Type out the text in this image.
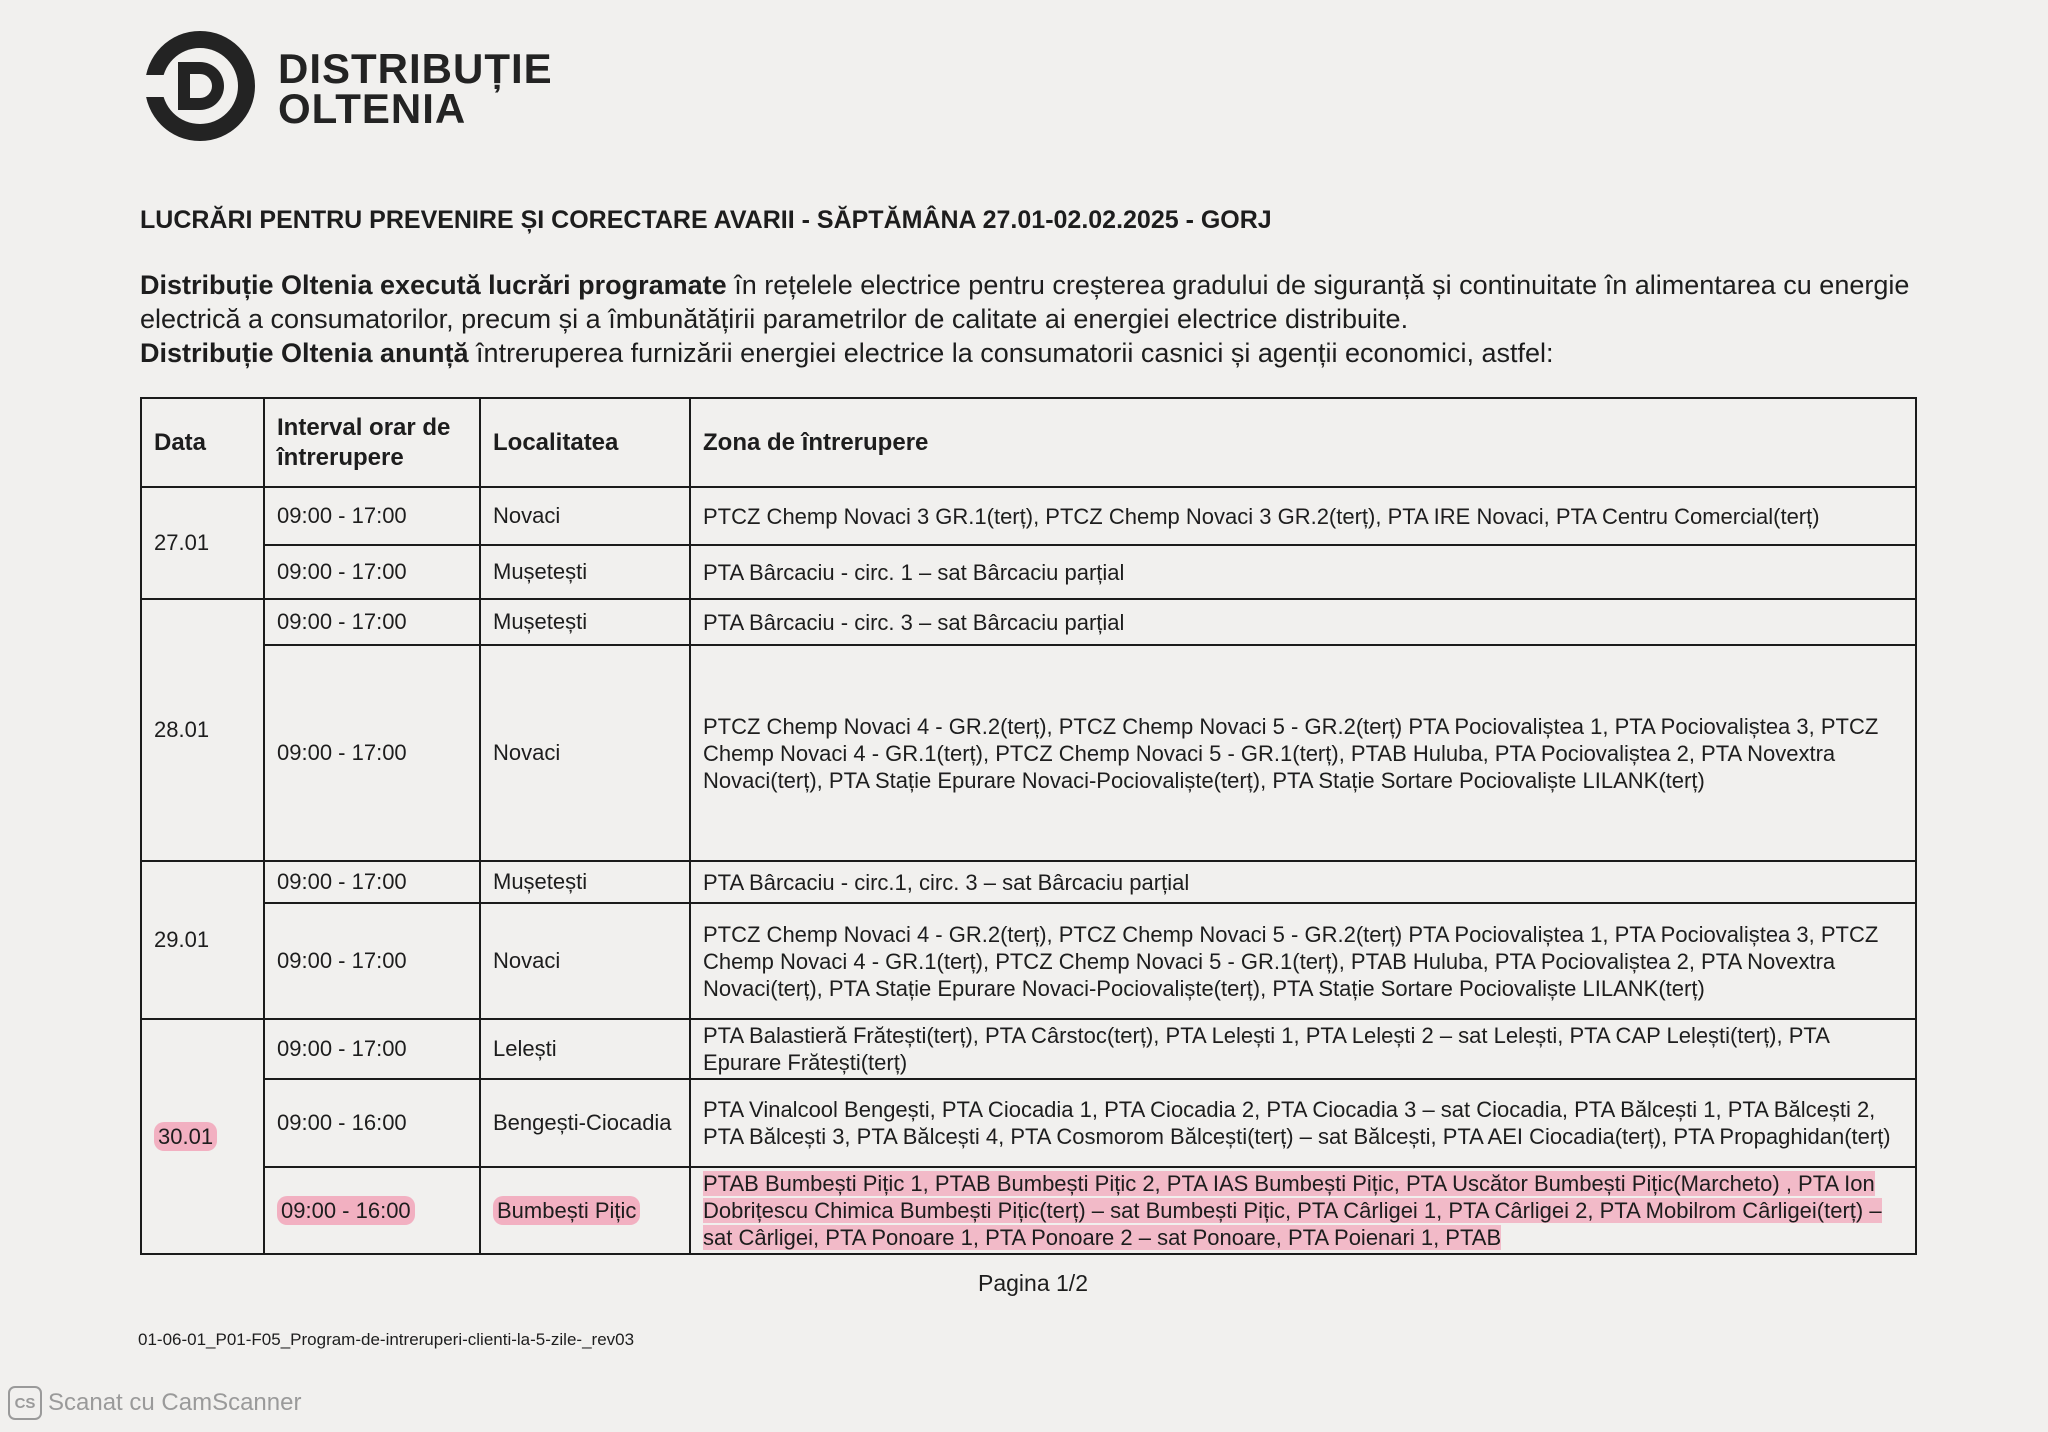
DISTRIBUȚIE
OLTENIA
LUCRĂRI PENTRU PREVENIRE ȘI CORECTARE AVARII - SĂPTĂMÂNA 27.01-02.02.2025 - GORJ

Distribuție Oltenia execută lucrări programate în rețelele electrice pentru creșterea gradului de siguranță și continuitate în alimentarea cu energie electrică a consumatorilor, precum și a îmbunătățirii parametrilor de calitate ai energiei electrice distribuite.

Distribuție Oltenia anunță întreruperea furnizării energiei electrice la consumatorii casnici și agenții economici, astfel:

Data	Interval orar de întrerupere	Localitatea	Zona de întrerupere
27.01	09:00 - 17:00	Novaci	PTCZ Chemp Novaci 3 GR.1(terț), PTCZ Chemp Novaci 3 GR.2(terț), PTA IRE Novaci, PTA Centru Comercial(terț)
	09:00 - 17:00	Mușetești	PTA Bârcaciu - circ. 1 – sat Bârcaciu parțial
28.01	09:00 - 17:00	Mușetești	PTA Bârcaciu - circ. 3 – sat Bârcaciu parțial
	09:00 - 17:00	Novaci	PTCZ Chemp Novaci 4 - GR.2(terț), PTCZ Chemp Novaci 5 - GR.2(terț) PTA Pociovaliștea 1, PTA Pociovaliștea 3, PTCZ Chemp Novaci 4 - GR.1(terț), PTCZ Chemp Novaci 5 - GR.1(terț), PTAB Huluba, PTA Pociovaliștea 2, PTA Novextra Novaci(terț), PTA Stație Epurare Novaci-Pociovaliște(terț), PTA Stație Sortare Pociovaliște LILANK(terț)
29.01	09:00 - 17:00	Mușetești	PTA Bârcaciu - circ.1, circ. 3 – sat Bârcaciu parțial
	09:00 - 17:00	Novaci	PTCZ Chemp Novaci 4 - GR.2(terț), PTCZ Chemp Novaci 5 - GR.2(terț) PTA Pociovaliștea 1, PTA Pociovaliștea 3, PTCZ Chemp Novaci 4 - GR.1(terț), PTCZ Chemp Novaci 5 - GR.1(terț), PTAB Huluba, PTA Pociovaliștea 2, PTA Novextra Novaci(terț), PTA Stație Epurare Novaci-Pociovaliște(terț), PTA Stație Sortare Pociovaliște LILANK(terț)
30.01	09:00 - 17:00	Lelești	PTA Balastieră Frătești(terț), PTA Cârstoc(terț), PTA Lelești 1, PTA Lelești 2 – sat Lelești, PTA CAP Lelești(terț), PTA Epurare Frătești(terț)
	09:00 - 16:00	Bengești-Ciocadia	PTA Vinalcool Bengești, PTA Ciocadia 1, PTA Ciocadia 2, PTA Ciocadia 3 – sat Ciocadia, PTA Bălcești 1, PTA Bălcești 2, PTA Bălcești 3, PTA Bălcești 4, PTA Cosmorom Bălcești(terț) – sat Bălcești, PTA AEI Ciocadia(terț), PTA Propaghidan(terț)
	09:00 - 16:00	Bumbești Pițic	PTAB Bumbești Pițic 1, PTAB Bumbești Pițic 2, PTA IAS Bumbești Pițic, PTA Uscător Bumbești Pițic(Marcheto) , PTA Ion Dobrițescu Chimica Bumbești Pițic(terț) – sat Bumbești Pițic, PTA Cârligei 1, PTA Cârligei 2, PTA Mobilrom Cârligei(terț) – sat Cârligei, PTA Ponoare 1, PTA Ponoare 2 – sat Ponoare, PTA Poienari 1, PTAB
Pagina 1/2
01-06-01_P01-F05_Program-de-intreruperi-clienti-la-5-zile-_rev03
CS Scanat cu CamScanner
